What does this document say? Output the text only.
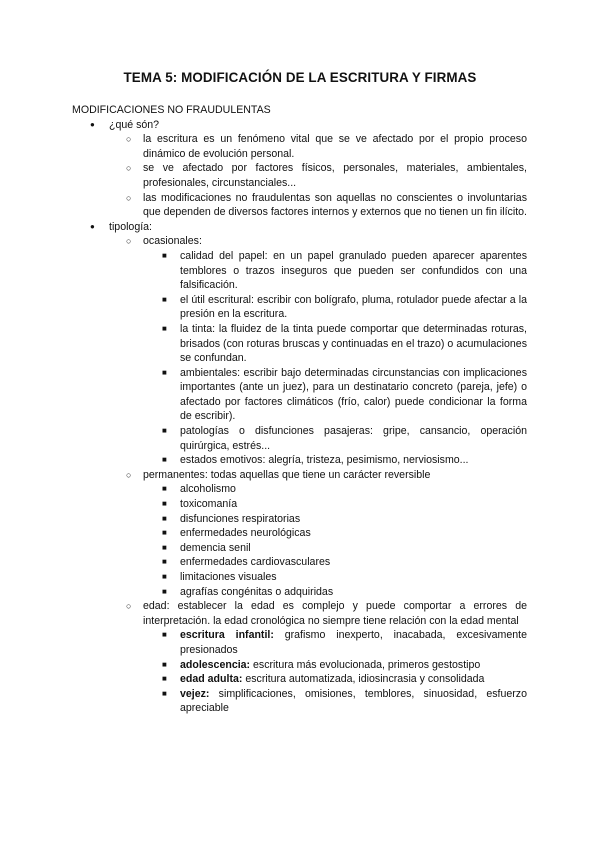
TEMA 5: MODIFICACIÓN DE LA ESCRITURA Y FIRMAS
MODIFICACIONES NO FRAUDULENTAS
● ¿qué són?
○ la escritura es un fenómeno vital que se ve afectado por el propio proceso dinámico de evolución personal.
○ se ve afectado por factores físicos, personales, materiales, ambientales, profesionales, circunstanciales...
○ las modificaciones no fraudulentas son aquellas no conscientes o involuntarias que dependen de diversos factores internos y externos que no tienen un fin ilícito.
● tipología:
○ ocasionales:
■ calidad del papel: en un papel granulado pueden aparecer aparentes temblores o trazos inseguros que pueden ser confundidos con una falsificación.
■ el útil escritural: escribir con bolígrafo, pluma, rotulador puede afectar a la presión en la escritura.
■ la tinta: la fluidez de la tinta puede comportar que determinadas roturas, brisados (con roturas bruscas y continuadas en el trazo) o acumulaciones se confundan.
■ ambientales: escribir bajo determinadas circunstancias con implicaciones importantes (ante un juez), para un destinatario concreto (pareja, jefe) o afectado por factores climáticos (frío, calor) puede condicionar la forma de escribir).
■ patologías o disfunciones pasajeras: gripe, cansancio, operación quirúrgica, estrés...
■ estados emotivos: alegría, tristeza, pesimismo, nerviosismo...
○ permanentes: todas aquellas que tiene un carácter reversible
■ alcoholismo
■ toxicomanía
■ disfunciones respiratorias
■ enfermedades neurológicas
■ demencia senil
■ enfermedades cardiovasculares
■ limitaciones visuales
■ agrafías congénitas o adquiridas
○ edad: establecer la edad es complejo y puede comportar a errores de interpretación. la edad cronológica no siempre tiene relación con la edad mental
■ escritura infantil: grafismo inexperto, inacabada, excesivamente presionados
■ adolescencia: escritura más evolucionada, primeros gestostipo
■ edad adulta: escritura automatizada, idiosincrasia y consolidada
■ vejez: simplificaciones, omisiones, temblores, sinuosidad, esfuerzo apreciable
